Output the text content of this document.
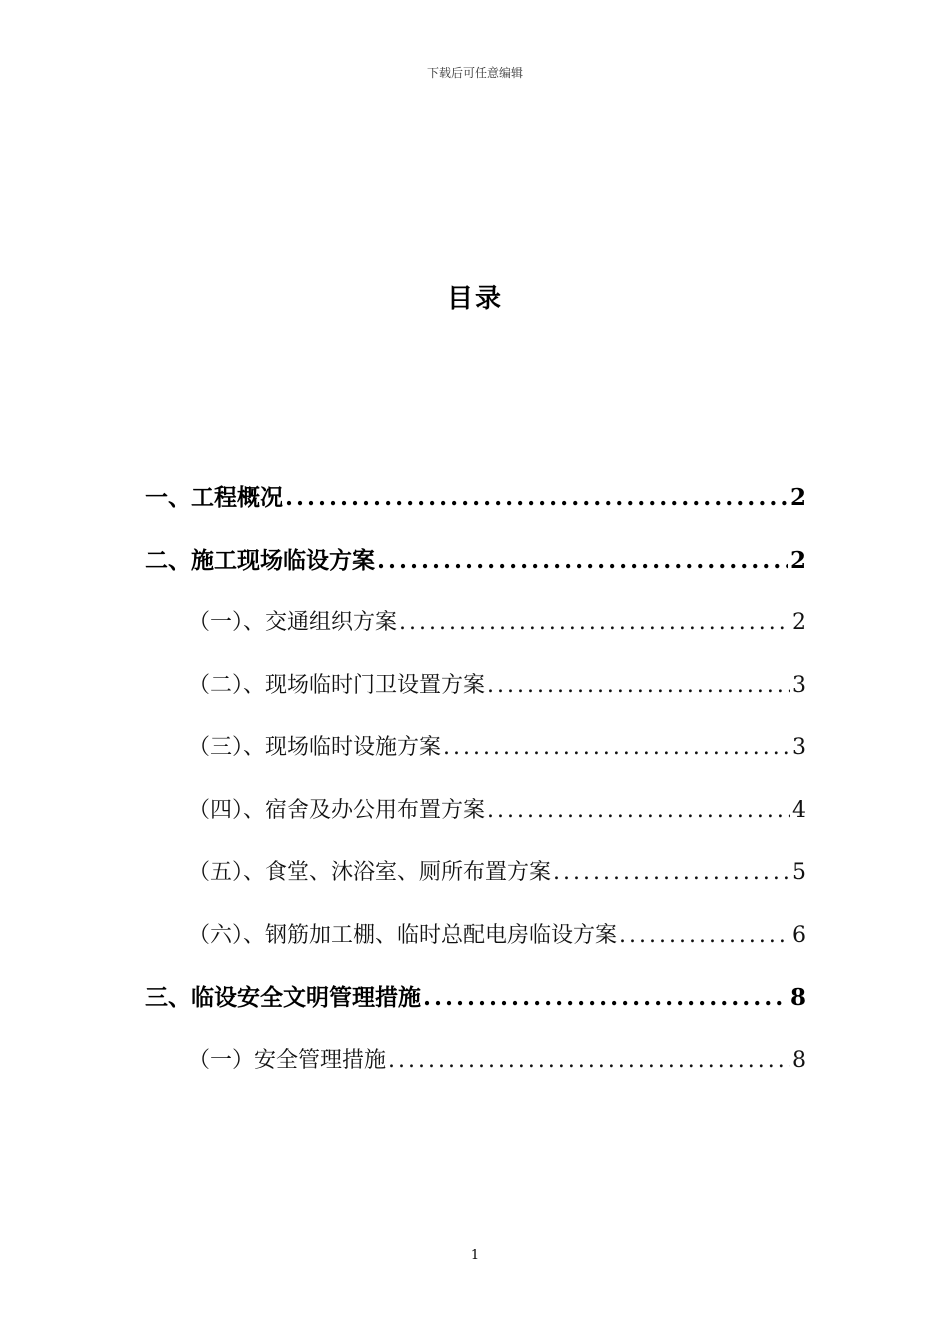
下载后可任意编辑
目录
一、工程概况 .....	2
二、施工现场临设方案 .....	2
（一）、交通组织方案 .....	2
（二）、现场临时门卫设置方案 .....	3
（三）、现场临时设施方案 .....	3
（四）、宿舍及办公用布置方案 .....	4
（五）、食堂、沐浴室、厕所布置方案 .....	5
（六）、钢筋加工棚、临时总配电房临设方案 .....	6
三、临设安全文明管理措施 .....	8
（一）安全管理措施 .....	8
1
